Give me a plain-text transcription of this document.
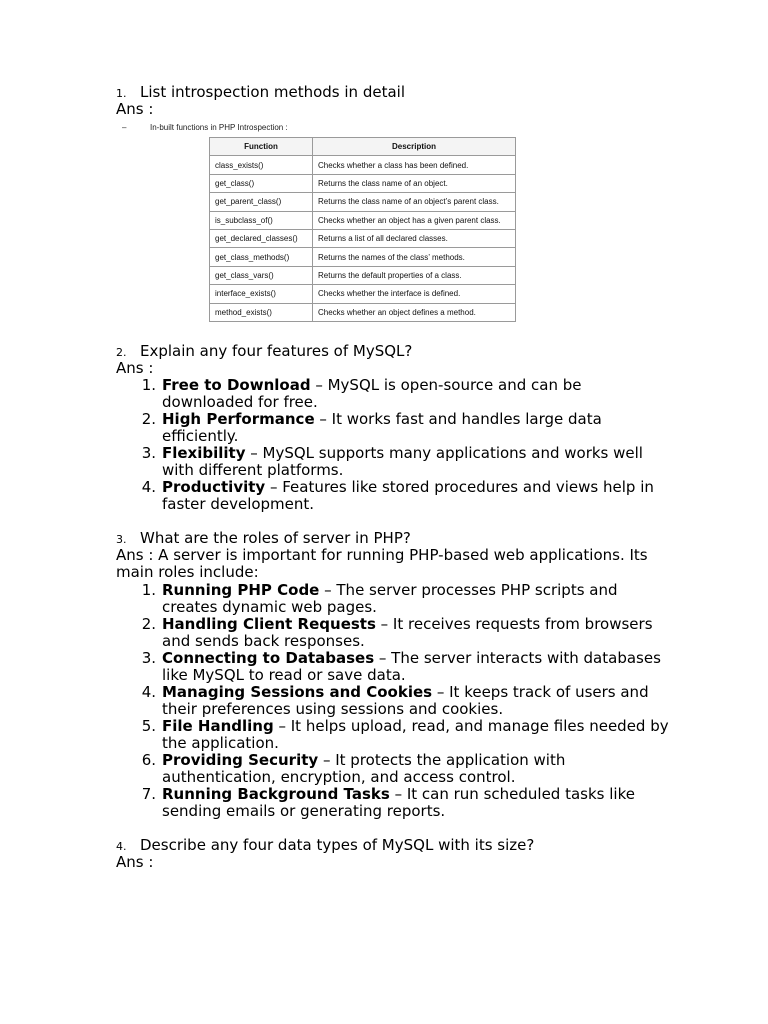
1. List introspection methods in detail
Ans :
–	In-built functions in PHP Introspection :
Function	Description
class_exists()	Checks whether a class has been defined.
get_class()	Returns the class name of an object.
get_parent_class()	Returns the class name of an object’s parent class.
is_subclass_of()	Checks whether an object has a given parent class.
get_declared_classes()	Returns a list of all declared classes.
get_class_methods()	Returns the names of the class’ methods.
get_class_vars()	Returns the default properties of a class.
interface_exists()	Checks whether the interface is defined.
method_exists()	Checks whether an object defines a method.
2. Explain any four features of MySQL?
Ans :
1. Free to Download – MySQL is open-source and can be downloaded for free.
2. High Performance – It works fast and handles large data efficiently.
3. Flexibility – MySQL supports many applications and works well with different platforms.
4. Productivity – Features like stored procedures and views help in faster development.
3. What are the roles of server in PHP?
Ans : A server is important for running PHP-based web applications. Its main roles include:
1. Running PHP Code – The server processes PHP scripts and creates dynamic web pages.
2. Handling Client Requests – It receives requests from browsers and sends back responses.
3. Connecting to Databases – The server interacts with databases like MySQL to read or save data.
4. Managing Sessions and Cookies – It keeps track of users and their preferences using sessions and cookies.
5. File Handling – It helps upload, read, and manage files needed by the application.
6. Providing Security – It protects the application with authentication, encryption, and access control.
7. Running Background Tasks – It can run scheduled tasks like sending emails or generating reports.
4. Describe any four data types of MySQL with its size?
Ans :
